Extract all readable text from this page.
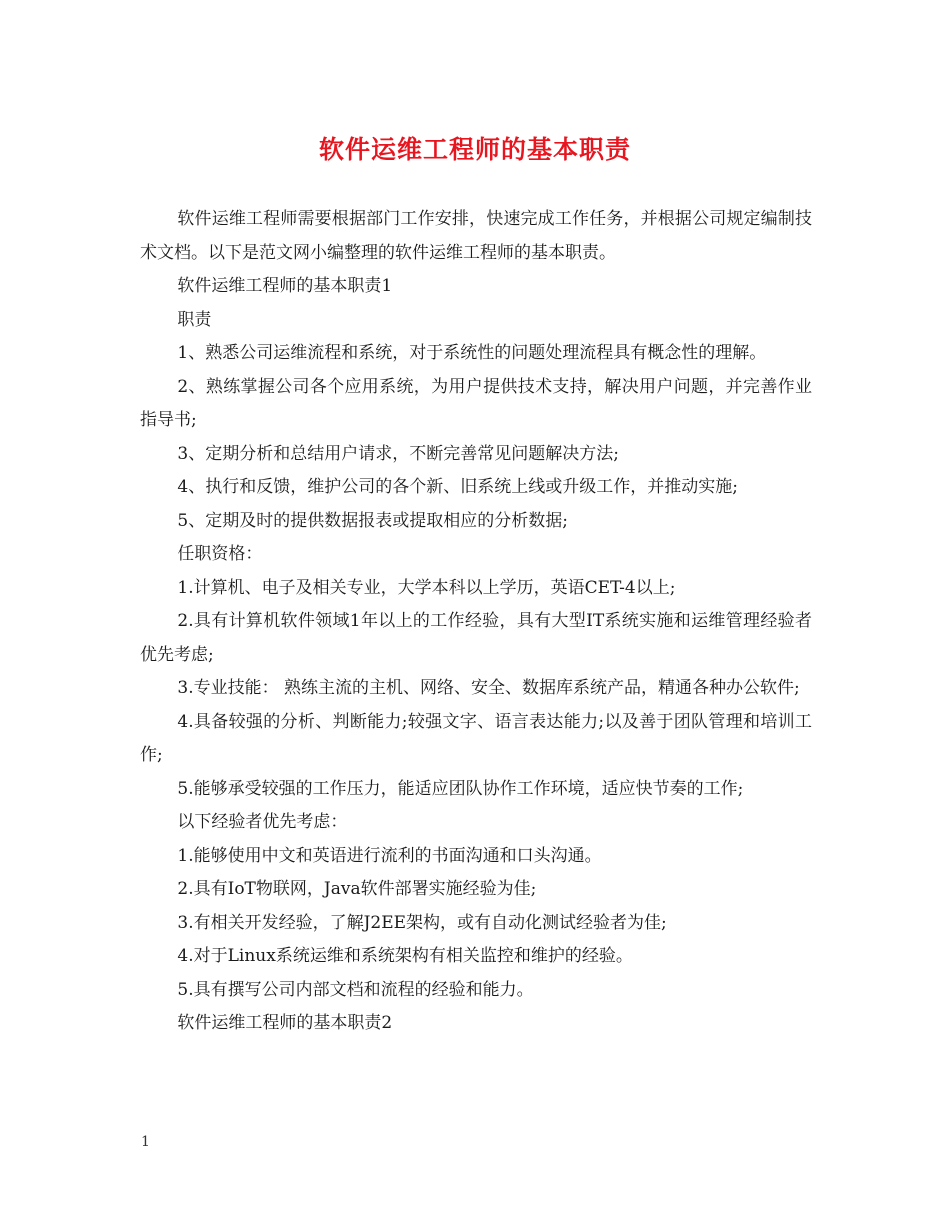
软件运维工程师的基本职责

软件运维工程师需要根据部门工作安排，快速完成工作任务，并根据公司规定编制技术文档。以下是范文网小编整理的软件运维工程师的基本职责。

软件运维工程师的基本职责1

职责

1、熟悉公司运维流程和系统，对于系统性的问题处理流程具有概念性的理解。

2、熟练掌握公司各个应用系统，为用户提供技术支持，解决用户问题，并完善作业指导书;

3、定期分析和总结用户请求，不断完善常见问题解决方法;

4、执行和反馈，维护公司的各个新、旧系统上线或升级工作，并推动实施;

5、定期及时的提供数据报表或提取相应的分析数据;

任职资格：

1.计算机、电子及相关专业，大学本科以上学历，英语CET-4以上;

2.具有计算机软件领域1年以上的工作经验，具有大型IT系统实施和运维管理经验者优先考虑;

3.专业技能： 熟练主流的主机、网络、安全、数据库系统产品，精通各种办公软件;

4.具备较强的分析、判断能力;较强文字、语言表达能力;以及善于团队管理和培训工作;

5.能够承受较强的工作压力，能适应团队协作工作环境，适应快节奏的工作;

以下经验者优先考虑：

1.能够使用中文和英语进行流利的书面沟通和口头沟通。

2.具有IoT物联网，Java软件部署实施经验为佳;

3.有相关开发经验，了解J2EE架构，或有自动化测试经验者为佳;

4.对于Linux系统运维和系统架构有相关监控和维护的经验。

5.具有撰写公司内部文档和流程的经验和能力。

软件运维工程师的基本职责2

1
